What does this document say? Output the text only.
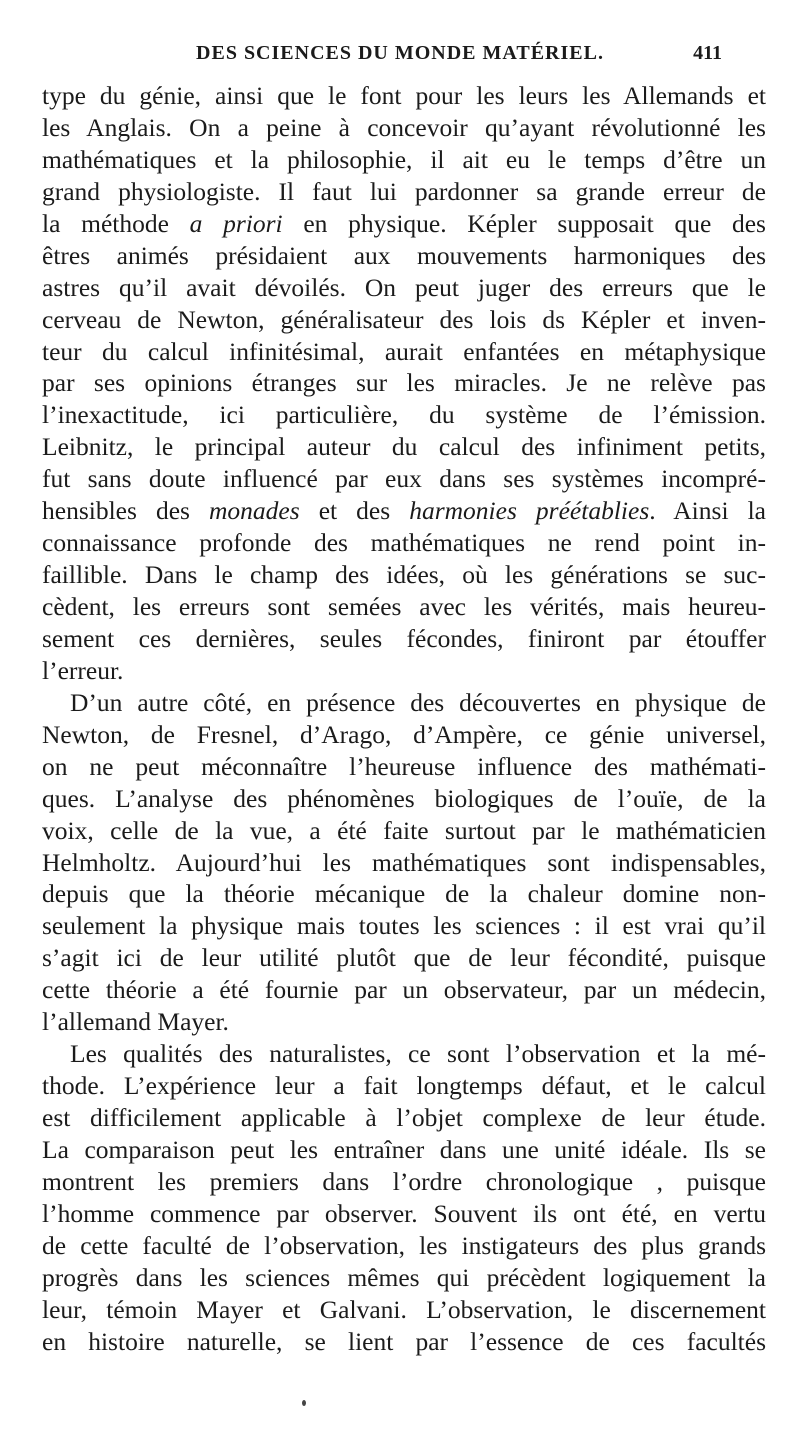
DES SCIENCES DU MONDE MATÉRIEL.	411
type du génie, ainsi que le font pour les leurs les Allemands et
les Anglais. On a peine à concevoir qu’ayant révolutionné les
mathématiques et la philosophie, il ait eu le temps d’être un
grand physiologiste. Il faut lui pardonner sa grande erreur de
la méthode a priori en physique. Képler supposait que des
êtres animés présidaient aux mouvements harmoniques des
astres qu’il avait dévoilés. On peut juger des erreurs que le
cerveau de Newton, généralisateur des lois ds Képler et inven-
teur du calcul infinitésimal, aurait enfantées en métaphysique
par ses opinions étranges sur les miracles. Je ne relève pas
l’inexactitude, ici particulière, du système de l’émission.
Leibnitz, le principal auteur du calcul des infiniment petits,
fut sans doute influencé par eux dans ses systèmes incompré-
hensibles des monades et des harmonies préétablies. Ainsi la
connaissance profonde des mathématiques ne rend point in-
faillible. Dans le champ des idées, où les générations se suc-
cèdent, les erreurs sont semées avec les vérités, mais heureu-
sement ces dernières, seules fécondes, finiront par étouffer
l’erreur.
D’un autre côté, en présence des découvertes en physique de
Newton, de Fresnel, d’Arago, d’Ampère, ce génie universel,
on ne peut méconnaître l’heureuse influence des mathémati-
ques. L’analyse des phénomènes biologiques de l’ouïe, de la
voix, celle de la vue, a été faite surtout par le mathématicien
Helmholtz. Aujourd’hui les mathématiques sont indispensables,
depuis que la théorie mécanique de la chaleur domine non-
seulement la physique mais toutes les sciences : il est vrai qu’il
s’agit ici de leur utilité plutôt que de leur fécondité, puisque
cette théorie a été fournie par un observateur, par un médecin,
l’allemand Mayer.
Les qualités des naturalistes, ce sont l’observation et la mé-
thode. L’expérience leur a fait longtemps défaut, et le calcul
est difficilement applicable à l’objet complexe de leur étude.
La comparaison peut les entraîner dans une unité idéale. Ils se
montrent les premiers dans l’ordre chronologique , puisque
l’homme commence par observer. Souvent ils ont été, en vertu
de cette faculté de l’observation, les instigateurs des plus grands
progrès dans les sciences mêmes qui précèdent logiquement la
leur, témoin Mayer et Galvani. L’observation, le discernement
en histoire naturelle, se lient par l’essence de ces facultés
